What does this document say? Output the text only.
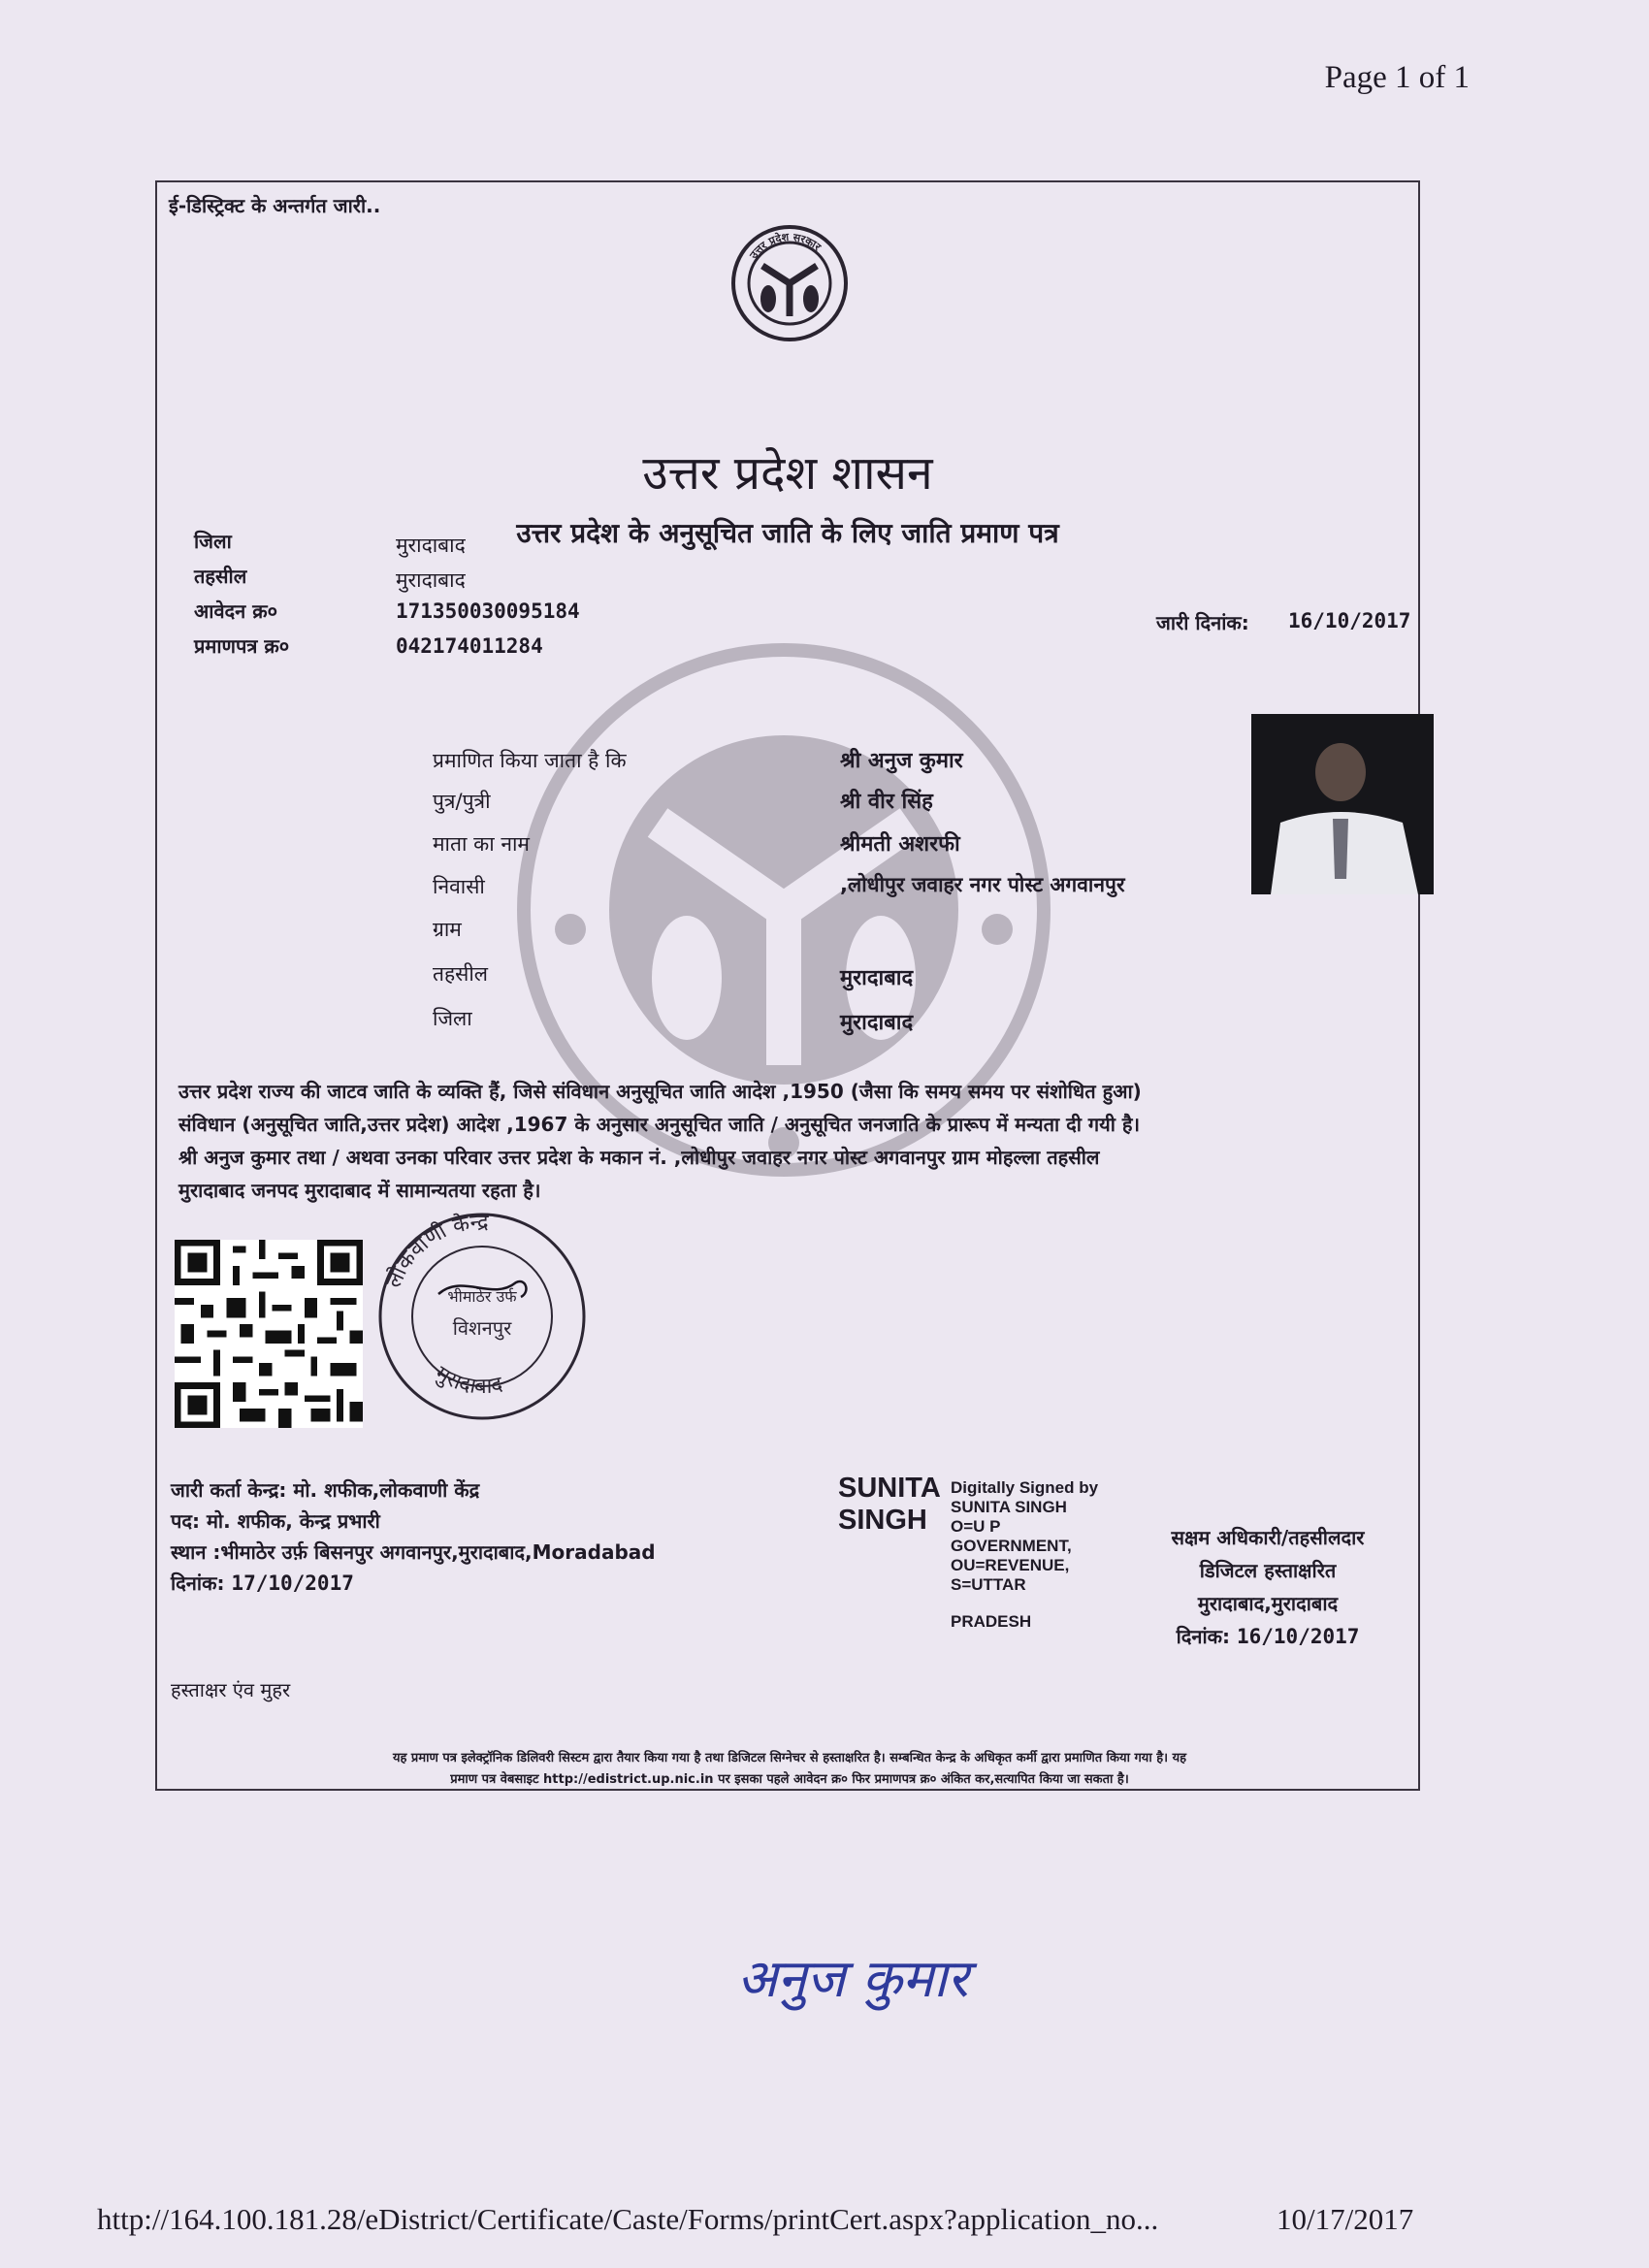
Page 1 of 1
ई-डिस्ट्रिक्ट के अन्तर्गत जारी..
उत्तर प्रदेश सरकार
उत्तर प्रदेश शासन
उत्तर प्रदेश के अनुसूचित जाति के लिए जाति प्रमाण पत्र
जिला	मुरादाबाद
तहसील	मुरादाबाद
आवेदन क्र०	171350030095184
प्रमाणपत्र क्र०	042174011284
जारी दिनांक: 16/10/2017
प्रमाणित किया जाता है कि	श्री अनुज कुमार
पुत्र/पुत्री	श्री वीर सिंह
माता का नाम	श्रीमती अशरफी
निवासी	,लोधीपुर जवाहर नगर पोस्ट अगवानपुर
ग्राम
तहसील	मुरादाबाद
जिला	मुरादाबाद
उत्तर प्रदेश राज्य की जाटव जाति के व्यक्ति हैं, जिसे संविधान अनुसूचित जाति आदेश ,1950 (जैसा कि समय समय पर संशोधित हुआ)
संविधान (अनुसूचित जाति,उत्तर प्रदेश) आदेश ,1967 के अनुसार अनुसूचित जाति / अनुसूचित जनजाति के प्रारूप में मन्यता दी गयी है।
श्री अनुज कुमार तथा / अथवा उनका परिवार उत्तर प्रदेश के मकान नं. ,लोधीपुर जवाहर नगर पोस्ट अगवानपुर ग्राम मोहल्ला तहसील
मुरादाबाद जनपद मुरादाबाद में सामान्यतया रहता है।
लोकवाणी केन्द्र
मुरादाबाद
भीमाठेर उर्फ
विशनपुर
जारी कर्ता केन्द्र: मो. शफीक,लोकवाणी केंद्र
पद: मो. शफीक, केन्द्र प्रभारी
स्थान :भीमाठेर उर्फ़ बिसनपुर अगवानपुर,मुरादाबाद,Moradabad
दिनांक: 17/10/2017
SUNITA
SINGH
Digitally Signed by
SUNITA SINGH
O=U P
GOVERNMENT,
OU=REVENUE,
S=UTTAR
PRADESH
सक्षम अधिकारी/तहसीलदार
डिजिटल हस्ताक्षरित
मुरादाबाद,मुरादाबाद
दिनांक: 16/10/2017
हस्ताक्षर एंव मुहर
यह प्रमाण पत्र इलेक्ट्रॉनिक डिलिवरी सिस्टम द्वारा तैयार किया गया है तथा डिजिटल सिग्नेचर से हस्ताक्षरित है। सम्बन्धित केन्द्र के अधिकृत कर्मी द्वारा प्रमाणित किया गया है। यह
प्रमाण पत्र वेबसाइट http://edistrict.up.nic.in पर इसका पहले आवेदन क्र० फिर प्रमाणपत्र क्र० अंकित कर,सत्यापित किया जा सकता है।
अनुज कुमार
http://164.100.181.28/eDistrict/Certificate/Caste/Forms/printCert.aspx?application_no...	10/17/2017
